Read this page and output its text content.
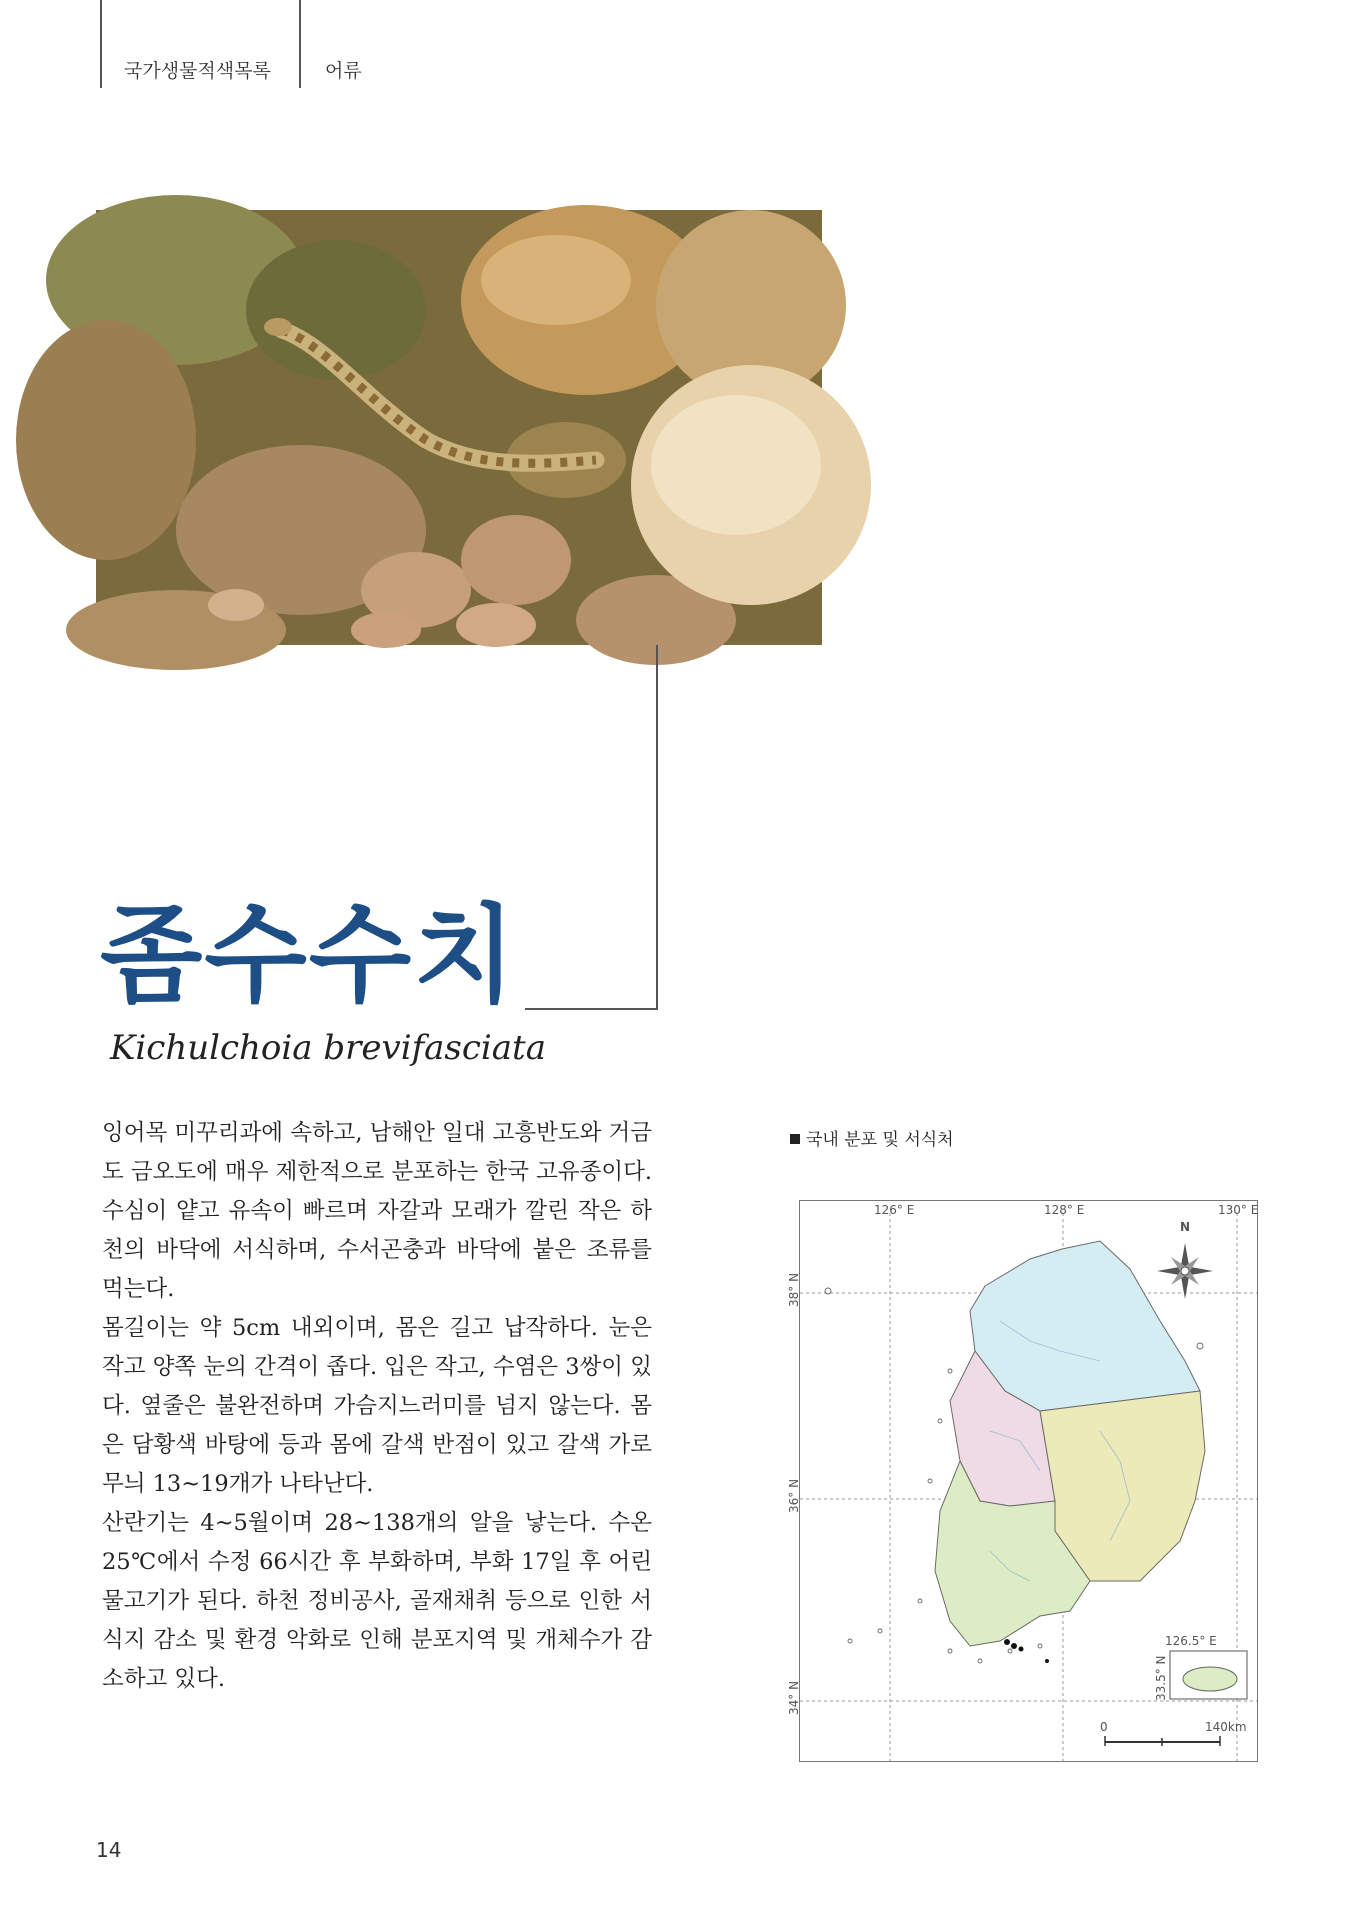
국가생물적색목록	어류
좀수수치
Kichulchoia brevifasciata

잉어목 미꾸리과에 속하고, 남해안 일대 고흥반도와 거금도 금오도에 매우 제한적으로 분포하는 한국 고유종이다. 수심이 얕고 유속이 빠르며 자갈과 모래가 깔린 작은 하천의 바닥에 서식하며, 수서곤충과 바닥에 붙은 조류를 먹는다.

몸길이는 약 5cm 내외이며, 몸은 길고 납작하다. 눈은 작고 양쪽 눈의 간격이 좁다. 입은 작고, 수염은 3쌍이 있다. 옆줄은 불완전하며 가슴지느러미를 넘지 않는다. 몸은 담황색 바탕에 등과 몸에 갈색 반점이 있고 갈색 가로무늬 13~19개가 나타난다.

산란기는 4~5월이며 28~138개의 알을 낳는다. 수온 25℃에서 수정 66시간 후 부화하며, 부화 17일 후 어린 물고기가 된다. 하천 정비공사, 골재채취 등으로 인한 서식지 감소 및 환경 악화로 인해 분포지역 및 개체수가 감소하고 있다.

국내 분포 및 서식처
126° E	128° E	130° E
38° N
36° N
34° N
N
126.5° E
33.5° N
0	140km
14
